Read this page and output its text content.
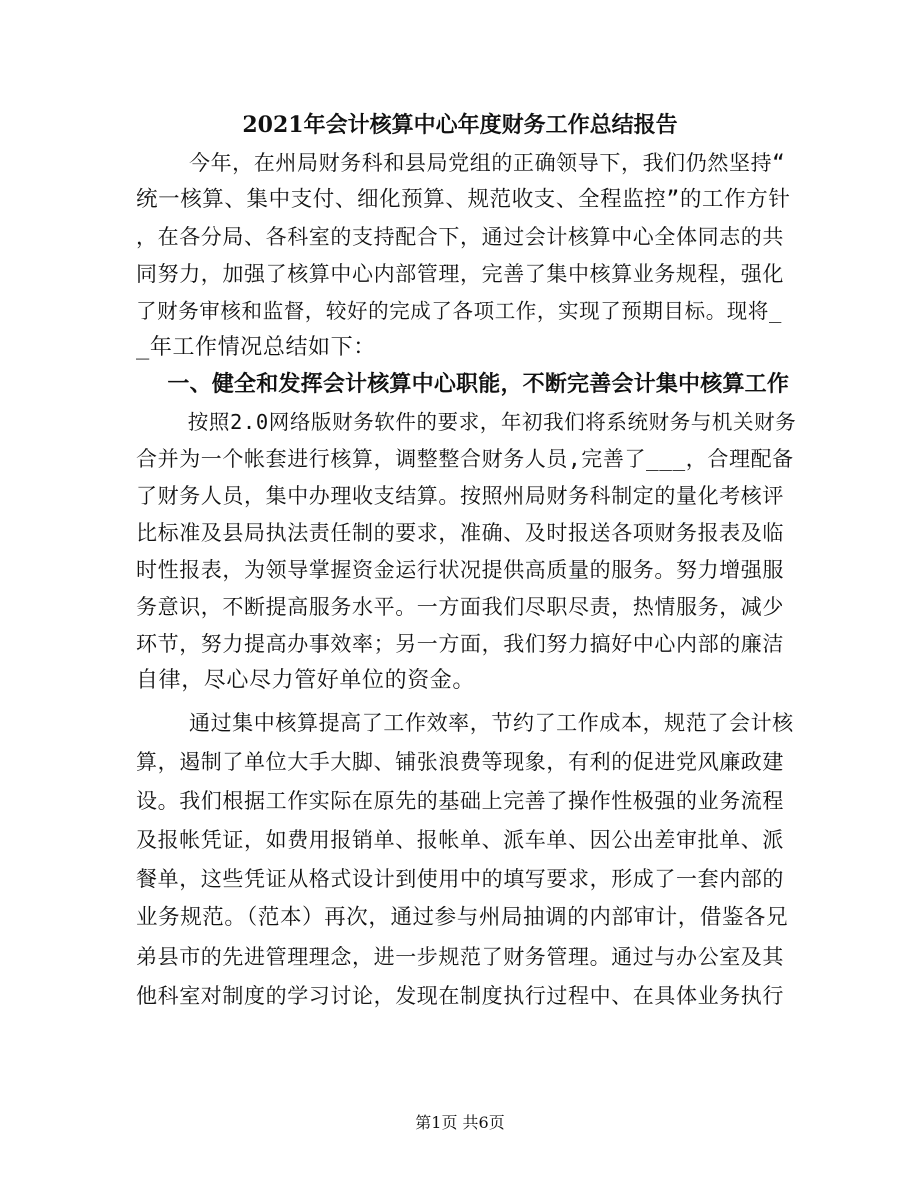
2021年会计核算中心年度财务工作总结报告
今年，在州局财务科和县局党组的正确领导下，我们仍然坚持“
统一核算、集中支付、细化预算、规范收支、全程监控”的工作方针
，在各分局、各科室的支持配合下，通过会计核算中心全体同志的共
同努力，加强了核算中心内部管理，完善了集中核算业务规程，强化
了财务审核和监督，较好的完成了各项工作，实现了预期目标。现将_
_年工作情况总结如下：
一、健全和发挥会计核算中心职能，不断完善会计集中核算工作
按照2.0网络版财务软件的要求，年初我们将系统财务与机关财务
合并为一个帐套进行核算，调整整合财务人员,完善了___，合理配备
了财务人员，集中办理收支结算。按照州局财务科制定的量化考核评
比标准及县局执法责任制的要求，准确、及时报送各项财务报表及临
时性报表，为领导掌握资金运行状况提供高质量的服务。努力增强服
务意识，不断提高服务水平。一方面我们尽职尽责，热情服务，减少
环节，努力提高办事效率；另一方面，我们努力搞好中心内部的廉洁
自律，尽心尽力管好单位的资金。
通过集中核算提高了工作效率，节约了工作成本，规范了会计核
算，遏制了单位大手大脚、铺张浪费等现象，有利的促进党风廉政建
设。我们根据工作实际在原先的基础上完善了操作性极强的业务流程
及报帐凭证，如费用报销单、报帐单、派车单、因公出差审批单、派
餐单，这些凭证从格式设计到使用中的填写要求，形成了一套内部的
业务规范。（范本）再次，通过参与州局抽调的内部审计，借鉴各兄
弟县市的先进管理理念，进一步规范了财务管理。通过与办公室及其
他科室对制度的学习讨论，发现在制度执行过程中、在具体业务执行
第1页 共6页
